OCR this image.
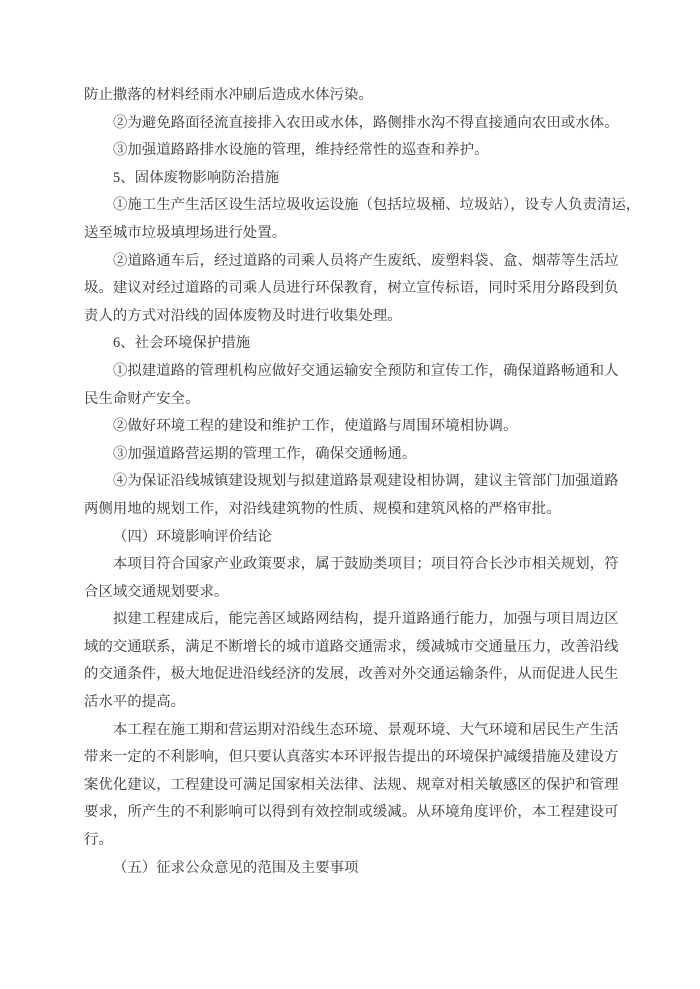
防止撒落的材料经雨水冲刷后造成水体污染。
②为避免路面径流直接排入农田或水体，路侧排水沟不得直接通向农田或水体。
③加强道路路排水设施的管理，维持经常性的巡查和养护。
5、固体废物影响防治措施
①施工生产生活区设生活垃圾收运设施（包括垃圾桶、垃圾站），设专人负责清运，
送至城市垃圾填埋场进行处置。
②道路通车后，经过道路的司乘人员将产生废纸、废塑料袋、盒、烟蒂等生活垃
圾。建议对经过道路的司乘人员进行环保教育，树立宣传标语，同时采用分路段到负
责人的方式对沿线的固体废物及时进行收集处理。
6、社会环境保护措施
①拟建道路的管理机构应做好交通运输安全预防和宣传工作，确保道路畅通和人
民生命财产安全。
②做好环境工程的建设和维护工作，使道路与周围环境相协调。
③加强道路营运期的管理工作，确保交通畅通。
④为保证沿线城镇建设规划与拟建道路景观建设相协调，建议主管部门加强道路
两侧用地的规划工作，对沿线建筑物的性质、规模和建筑风格的严格审批。
（四）环境影响评价结论
本项目符合国家产业政策要求，属于鼓励类项目；项目符合长沙市相关规划，符
合区域交通规划要求。
拟建工程建成后，能完善区域路网结构，提升道路通行能力，加强与项目周边区
域的交通联系，满足不断增长的城市道路交通需求，缓减城市交通量压力，改善沿线
的交通条件，极大地促进沿线经济的发展，改善对外交通运输条件，从而促进人民生
活水平的提高。
本工程在施工期和营运期对沿线生态环境、景观环境、大气环境和居民生产生活
带来一定的不利影响，但只要认真落实本环评报告提出的环境保护减缓措施及建设方
案优化建议，工程建设可满足国家相关法律、法规、规章对相关敏感区的保护和管理
要求，所产生的不利影响可以得到有效控制或缓减。从环境角度评价，本工程建设可
行。
（五）征求公众意见的范围及主要事项
